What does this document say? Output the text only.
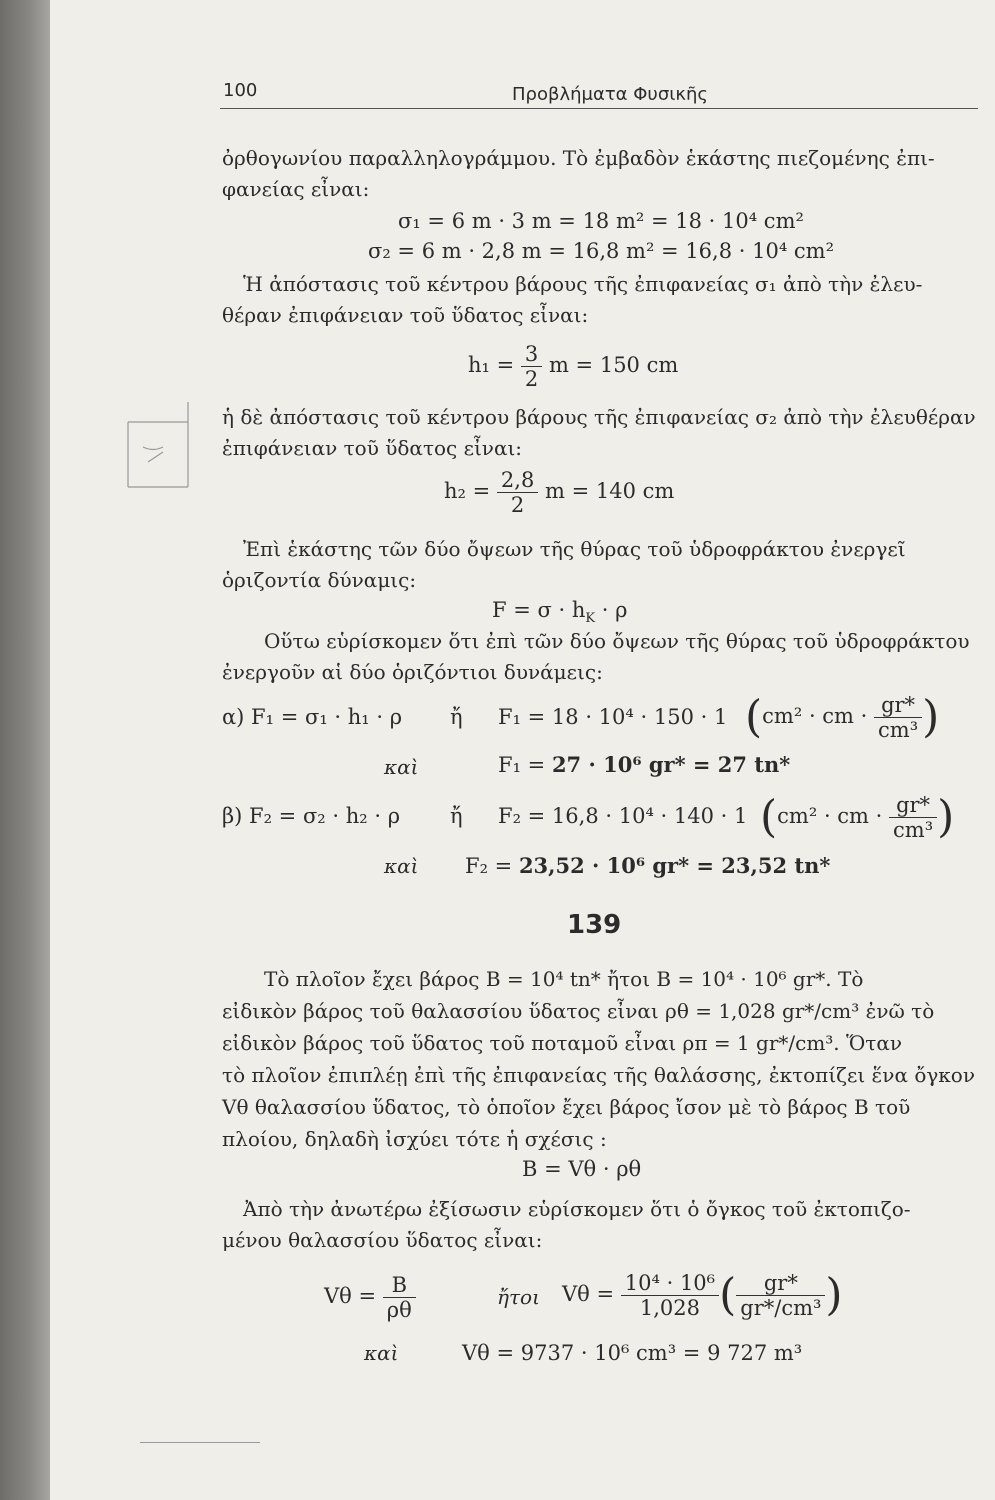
100	Προβλήματα Φυσικῆς
ὀρθογωνίου παραλληλογράμμου. Τὸ ἐμβαδὸν ἑκάστης πιεζομένης ἐπι-
φανείας εἶναι:
σ₁ = 6 m · 3 m = 18 m² = 18 · 10⁴ cm²
σ₂ = 6 m · 2,8 m = 16,8 m² = 16,8 · 10⁴ cm²
Ἡ ἀπόστασις τοῦ κέντρου βάρους τῆς ἐπιφανείας σ₁ ἀπὸ τὴν ἐλευ-
θέραν ἐπιφάνειαν τοῦ ὕδατος εἶναι:
$h_1 = \frac{3}{2}$ m = 150 cm
ἡ δὲ ἀπόστασις τοῦ κέντρου βάρους τῆς ἐπιφανείας σ₂ ἀπὸ τὴν ἐλευθέραν
ἐπιφάνειαν τοῦ ὕδατος εἶναι:
$h_2 = \frac{2,8}{2}$ m = 140 cm
Ἐπὶ ἑκάστης τῶν δύο ὄψεων τῆς θύρας τοῦ ὑδροφράκτου ἐνεργεῖ
ὁριζοντία δύναμις:
$F = \sigma \cdot h_K \cdot \rho$
Οὕτω εὑρίσκομεν ὅτι ἐπὶ τῶν δύο ὄψεων τῆς θύρας τοῦ ὑδροφράκτου
ἐνεργοῦν αἱ δύο ὁριζόντιοι δυνάμεις:
α) F₁ = σ₁ · h₁ · ρ ἤ F₁ = 18 · 10⁴ · 150 · 1 (cm² · cm · $\frac{gr*}{\text{cm³}}$ )
καὶ	F₁ = 27 · 10⁶ gr* = 27 tn*
β) F₂ = σ₂ · h₂ · ρ ἤ F₂ = 16,8 · 10⁴ · 140 · 1 (cm² · cm · $\frac{gr*}{\text{cm³}}$ )
καὶ F₂ = 23,52 · 10⁶ gr* = 23,52 tn*
139
Τὸ πλοῖον ἔχει βάρος B = 10⁴ tn* ἤτοι B = 10⁴ · 10⁶ gr*. Τὸ
εἰδικὸν βάρος τοῦ θαλασσίου ὕδατος εἶναι ρθ = 1,028 gr*/cm³ ἐνῶ τὸ
εἰδικὸν βάρος τοῦ ὕδατος τοῦ ποταμοῦ εἶναι ρπ = 1 gr*/cm³. Ὅταν
τὸ πλοῖον ἐπιπλέῃ ἐπὶ τῆς ἐπιφανείας τῆς θαλάσσης, ἐκτοπίζει ἕνα ὄγκον
Vθ θαλασσίου ὕδατος, τὸ ὁποῖον ἔχει βάρος ἴσον μὲ τὸ βάρος B τοῦ
πλοίου, δηλαδὴ ἰσχύει τότε ἡ σχέσις :
B = Vθ · ρθ
Ἀπὸ τὴν ἀνωτέρω ἐξίσωσιν εὑρίσκομεν ὅτι ὁ ὄγκος τοῦ ἐκτοπιζο-
μένου θαλασσίου ὕδατος εἶναι:
$V\theta = \frac{B}{\rho\theta}$	ἤτοι $V\theta = \frac{\text{10⁴ · 10⁶}}{1,028}$ ( $\frac{gr*}{\text{gr*/cm³}}$ )
καὶ	Vθ = 9737 · 10⁶ cm³ = 9 727 m³
